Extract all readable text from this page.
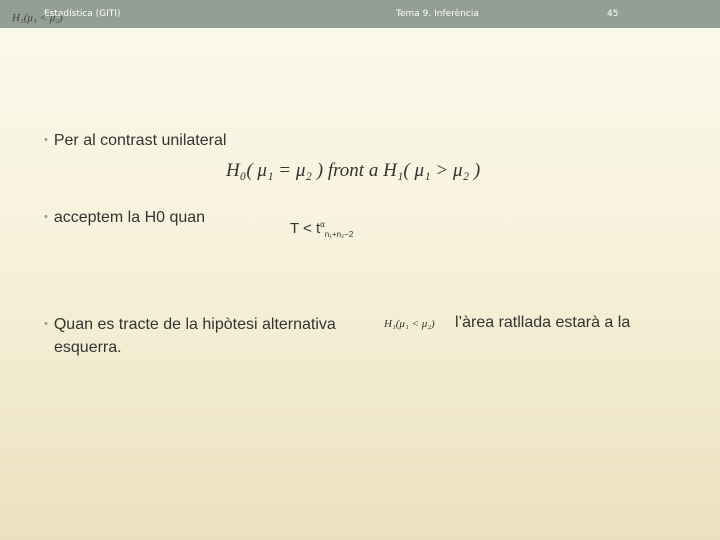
Estadística (GITI)	Tema 9. Inferència	45
H₁(μ₁ < μ₂)
• Per al contrast unilateral
H₀( μ₁ = μ₂ ) front a H₁( μ₁ > μ₂ )
• acceptem la H0 quan
$T < t^\alpha_{n_1+n_2-2}$
• Quan es tracte de la hipòtesi alternativa
esquerra.
H₁(μ₁ < μ₂) l’àrea ratllada estarà a la
